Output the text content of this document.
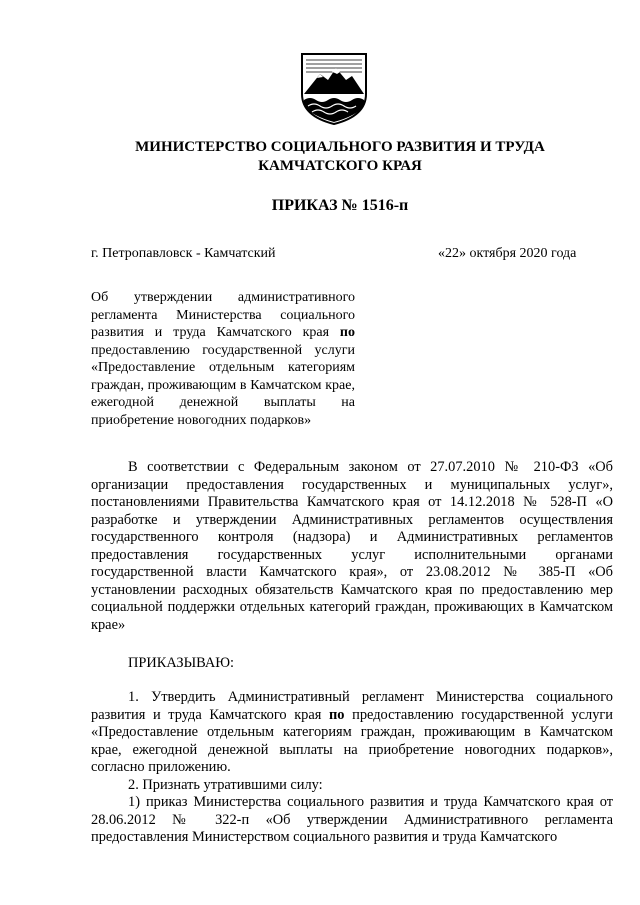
МИНИСТЕРСТВО СОЦИАЛЬНОГО РАЗВИТИЯ И ТРУДА
КАМЧАТСКОГО КРАЯ
ПРИКАЗ № 1516-п
г. Петропавловск - Камчатский	«22» октября 2020 года
Об утверждении административного регламента Министерства социального развития и труда Камчатского края по предоставлению государственной услуги «Предоставление отдельным категориям граждан, проживающим в Камчатском крае, ежегодной денежной выплаты на приобретение новогодних подарков»

В соответствии с Федеральным законом от 27.07.2010 № 210-ФЗ «Об организации предоставления государственных и муниципальных услуг», постановлениями Правительства Камчатского края от 14.12.2018 № 528-П «О разработке и утверждении Административных регламентов осуществления государственного контроля (надзора) и Административных регламентов предоставления государственных услуг исполнительными органами государственной власти Камчатского края», от 23.08.2012 № 385-П «Об установлении расходных обязательств Камчатского края по предоставлению мер социальной поддержки отдельных категорий граждан, проживающих в Камчатском крае»

ПРИКАЗЫВАЮ:

1. Утвердить Административный регламент Министерства социального развития и труда Камчатского края по предоставлению государственной услуги «Предоставление отдельным категориям граждан, проживающим в Камчатском крае, ежегодной денежной выплаты на приобретение новогодних подарков», согласно приложению.

2. Признать утратившими силу:

1) приказ Министерства социального развития и труда Камчатского края от 28.06.2012 № 322-п «Об утверждении Административного регламента предоставления Министерством социального развития и труда Камчатского
